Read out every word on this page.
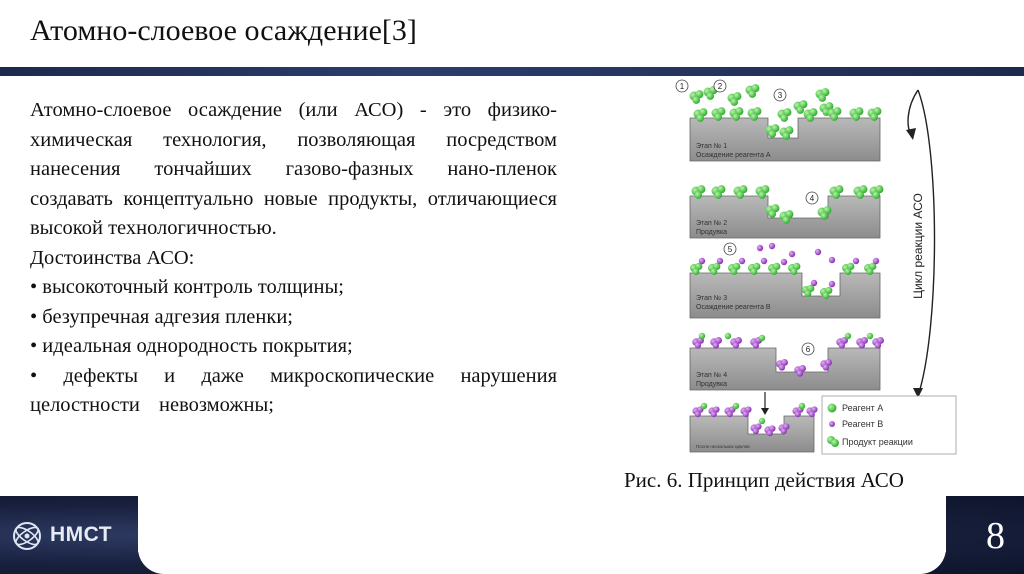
Атомно-слоевое осаждение[3]
Атомно-слоевое осаждение (или АСО) - это физико-химическая технология, позволяющая посредством нанесения тончайших газово-фазных нано-пленок создавать концептуально новые продукты, отличающиеся высокой технологичностью.
Достоинства АСО:
• высокоточный контроль толщины;
• безупречная адгезия пленки;
• идеальная однородность покрытия;
• дефекты и даже микроскопические нарушения целостности невозможны;
Этап № 1
Осаждение реагента А
Этап № 2
Продувка
Этап № 3
Осаждение реагента В
Этап № 4
Продувка
После нескольких циклов
1	2
3
4
5
6
Цикл реакции АСО
Реагент А
Реагент В
Продукт реакции
Рис. 6. Принцип действия АСО
НМСТ	8
